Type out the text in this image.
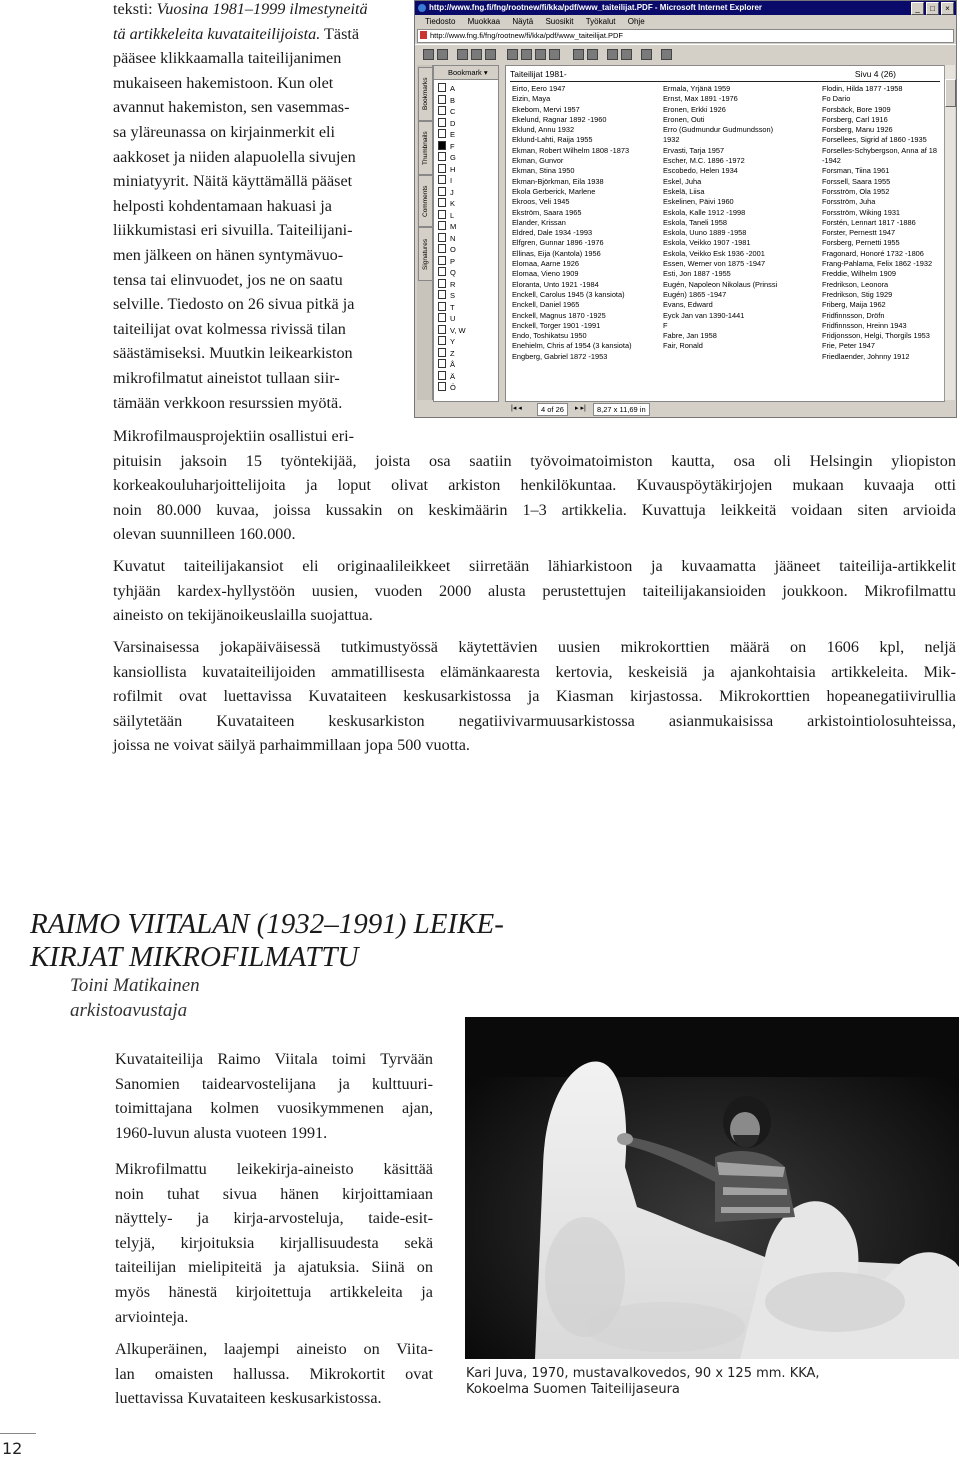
teksti: Vuosina 1981–1999 ilmestyneitä
tä artikkeleita kuvataiteilijoista. Tästä
pääsee klikkaamalla taiteilijanimen
mukaiseen hakemistoon. Kun olet
avannut hakemiston, sen vasemmas-
sa yläreunassa on kirjainmerkit eli
aakkoset ja niiden alapuolella sivujen
miniatyyrit. Näitä käyttämällä pääset
helposti kohdentamaan hakuasi ja
liikkumistasi eri sivuilla. Taiteilijani-
men jälkeen on hänen syntymävuo-
tensa tai elinvuodet, jos ne on saatu
selville. Tiedosto on 26 sivua pitkä ja
taiteilijat ovat kolmessa rivissä tilan
säästämiseksi. Muutkin leikearkiston
mikrofilmatut aineistot tullaan siir-
tämään verkkoon resurssien myötä.
http://www.fng.fi/fng/rootnew/fi/kka/pdf/www_taiteilijat.PDF - Microsoft Internet Explorer	_	□	×
Tiedosto Muokkaa Näytä Suosikit Työkalut Ohje
http://www.fng.fi/fng/rootnew/fi/kka/pdf/www_taiteilijat.PDF
Bookmarks
Thumbnails
Comments
Signatures
Bookmark ▾
A
B
C
D
E
F
G
H
I
J
K
L
M
N
O
P
Q
R
S
T
U
V, W
Y
Z
Å
Ä
Ö
Taiteilijat 1981-	Sivu 4 (26)
Eirto, Eero 1947
Eizin, Maya
Ekebom, Mervi 1957
Ekelund, Ragnar 1892 -1960
Eklund, Annu 1932
Eklund-Lahti, Raija 1955
Ekman, Robert Wilhelm 1808 -1873
Ekman, Gunvor
Ekman, Stina 1950
Ekman-Björkman, Eila 1938
Ekola Gerberick, Marlene
Ekroos, Veli 1945
Ekström, Saara 1965
Elander, Krissan
Eldred, Dale 1934 -1993
Elfgren, Gunnar 1896 -1976
Ellinas, Eija (Kantola) 1956
Elomaa, Aarne 1926
Elomaa, Vieno 1909
Eloranta, Unto 1921 -1984
Enckell, Carolus 1945 (3 kansiota)
Enckell, Daniel 1965
Enckell, Magnus 1870 -1925
Enckell, Torger 1901 -1991
Endo, Toshikatsu 1950
Enehielm, Chris af 1954 (3 kansiota)
Engberg, Gabriel 1872 -1953
Ermala, Yrjänä 1959
Ernst, Max 1891 -1976
Eronen, Erkki 1926
Eronen, Outi
Erro (Gudmundur Gudmundsson)
1932
Ervasti, Tarja 1957
Escher, M.C. 1896 -1972
Escobedo, Helen 1934
Eskel, Juha
Eskelä, Liisa
Eskelinen, Päivi 1960
Eskola, Kalle 1912 -1998
Eskola, Taneli 1958
Eskola, Uuno 1889 -1958
Eskola, Veikko 1907 -1981
Eskola, Veikko Esk 1936 -2001
Essen, Werner von 1875 -1947
Esti, Jon 1887 -1955
Eugén, Napoleon Nikolaus (Prinssi
Eugén) 1865 -1947
Evans, Edward
Eyck Jan van 1390-1441
F
Fabre, Jan 1958
Fair, Ronald
Flodin, Hilda 1877 -1958
Fo Dario
Forsbäck, Bore 1909
Forsberg, Carl 1916
Forsberg, Manu 1926
Forsellees, Sigrid af 1860 -1935
Forselles-Schybergson, Anna af 18
-1942
Forsman, Tiina 1961
Forssell, Saara 1955
Forsström, Ola 1952
Forsström, Juha
Forsström, Wiking 1931
Forstén, Lennart 1817 -1886
Forster, Pernestt 1947
Forsberg, Pernetti 1955
Fragonard, Honoré 1732 -1806
Frang-Pahlama, Felix 1862 -1932
Freddie, Wilhelm 1909
Fredrikson, Leonora
Fredrikson, Stig 1929
Friberg, Maija 1962
Fridfinnsson, Dröfn
Fridfinnsson, Hreinn 1943
Fridjonsson, Helgi, Thorgils 1953
Frie, Peter 1947
Friedlaender, Johnny 1912
|◂ ◂	4 of 26	▸ ▸|	8,27 x 11,69 in
Mikrofilmausprojektiin osallistui eri-
pituisin jaksoin 15 työntekijää, joista osa saatiin työvoimatoimiston kautta, osa oli Helsingin yliopiston
korkeakouluharjoittelijoita ja loput olivat arkiston henkilökuntaa. Kuvauspöytäkirjojen mukaan kuvaaja otti
noin 80.000 kuvaa, joissa kussakin on keskimäärin 1–3 artikkelia. Kuvattuja leikkeitä voidaan siten arvioida
olevan suunnilleen 160.000.
Kuvatut taiteilijakansiot eli originaalileikkeet siirretään lähiarkistoon ja kuvaamatta jääneet taiteilija-artikkelit
tyhjään kardex-hyllystöön uusien, vuoden 2000 alusta perustettujen taiteilijakansioiden joukkoon. Mikrofilmattu
aineisto on tekijänoikeuslailla suojattua.
Varsinaisessa jokapäiväisessä tutkimustyössä käytettävien uusien mikrokorttien määrä on 1606 kpl, neljä
kansiollista kuvataiteilijoiden ammatillisesta elämänkaaresta kertovia, keskeisiä ja ajankohtaisia artikkeleita. Mik-
rofilmit ovat luettavissa Kuvataiteen keskusarkistossa ja Kiasman kirjastossa. Mikrokorttien hopeanegatiivirullia
säilytetään Kuvataiteen keskusarkiston negatiivivarmuusarkistossa asianmukaisissa arkistointiolosuhteissa,
joissa ne voivat säilyä parhaimmillaan jopa 500 vuotta.
RAIMO VIITALAN (1932–1991) LEIKE-
KIRJAT MIKROFILMATTU
Toini Matikainen
arkistoavustaja
Kuvataiteilija Raimo Viitala toimi Tyrvään
Sanomien taidearvostelijana ja kulttuuri-
toimittajana kolmen vuosikymmenen ajan,
1960-luvun alusta vuoteen 1991.
Mikrofilmattu leikekirja-aineisto käsittää
noin tuhat sivua hänen kirjoittamiaan
näyttely- ja kirja-arvosteluja, taide-esit-
telyjä, kirjoituksia kirjallisuudesta sekä
taiteilijan mielipiteitä ja ajatuksia. Siinä on
myös hänestä kirjoitettuja artikkeleita ja
arviointeja.
Alkuperäinen, laajempi aineisto on Viita-
lan omaisten hallussa. Mikrokortit ovat
luettavissa Kuvataiteen keskusarkistossa.
Kari Juva, 1970, mustavalkovedos, 90 x 125 mm. KKA,
Kokoelma Suomen Taiteilijaseura
12
